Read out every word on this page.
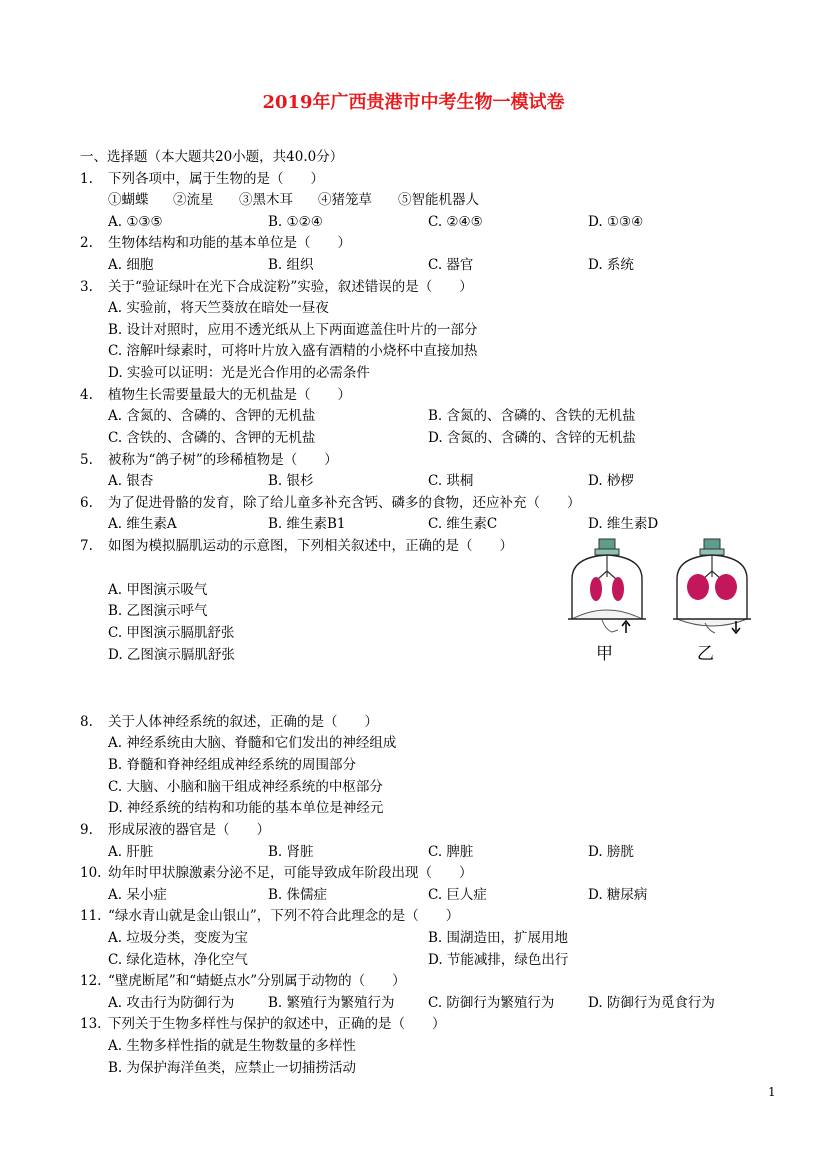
2019年广西贵港市中考生物一模试卷
一、选择题（本大题共20小题，共40.0分）
1. 下列各项中，属于生物的是（　　）
①蝴蝶 ②流星 ③黑木耳 ④猪笼草 ⑤智能机器人
A. ①③⑤	B. ①②④	C. ②④⑤	D. ①③④
2. 生物体结构和功能的基本单位是（　　）
A. 细胞	B. 组织	C. 器官	D. 系统
3. 关于“验证绿叶在光下合成淀粉”实验，叙述错误的是（　　）
A. 实验前，将天竺葵放在暗处一昼夜
B. 设计对照时，应用不透光纸从上下两面遮盖住叶片的一部分
C. 溶解叶绿素时，可将叶片放入盛有酒精的小烧杯中直接加热
D. 实验可以证明：光是光合作用的必需条件
4. 植物生长需要量最大的无机盐是（　　）
A. 含氮的、含磷的、含钾的无机盐	B. 含氮的、含磷的、含铁的无机盐
C. 含铁的、含磷的、含钾的无机盐	D. 含氮的、含磷的、含锌的无机盐
5. 被称为“鸽子树”的珍稀植物是（　　）
A. 银杏	B. 银杉	C. 珙桐	D. 桫椤
6. 为了促进骨骼的发育，除了给儿童多补充含钙、磷多的食物，还应补充（　　）
A. 维生素A	B. 维生素B1	C. 维生素C	D. 维生素D
7. 如图为模拟膈肌运动的示意图，下列相关叙述中，正确的是（　　）
A. 甲图演示吸气
B. 乙图演示呼气
C. 甲图演示膈肌舒张
D. 乙图演示膈肌舒张	甲	乙
8. 关于人体神经系统的叙述，正确的是（　　）
A. 神经系统由大脑、脊髓和它们发出的神经组成
B. 脊髓和脊神经组成神经系统的周围部分
C. 大脑、小脑和脑干组成神经系统的中枢部分
D. 神经系统的结构和功能的基本单位是神经元
9. 形成尿液的器官是（　　）
A. 肝脏	B. 肾脏	C. 脾脏	D. 膀胱
10. 幼年时甲状腺激素分泌不足，可能导致成年阶段出现（　　）
A. 呆小症	B. 侏儒症	C. 巨人症	D. 糖尿病
11. “绿水青山就是金山银山”，下列不符合此理念的是（　　）
A. 垃圾分类，变废为宝	B. 围湖造田，扩展用地
C. 绿化造林，净化空气	D. 节能减排，绿色出行
12. “壁虎断尾”和“蜻蜓点水”分别属于动物的（　　）
A. 攻击行为防御行为 B. 繁殖行为繁殖行为 C. 防御行为繁殖行为 D. 防御行为觅食行为
13. 下列关于生物多样性与保护的叙述中，正确的是（　　）
A. 生物多样性指的就是生物数量的多样性
B. 为保护海洋鱼类，应禁止一切捕捞活动
1
